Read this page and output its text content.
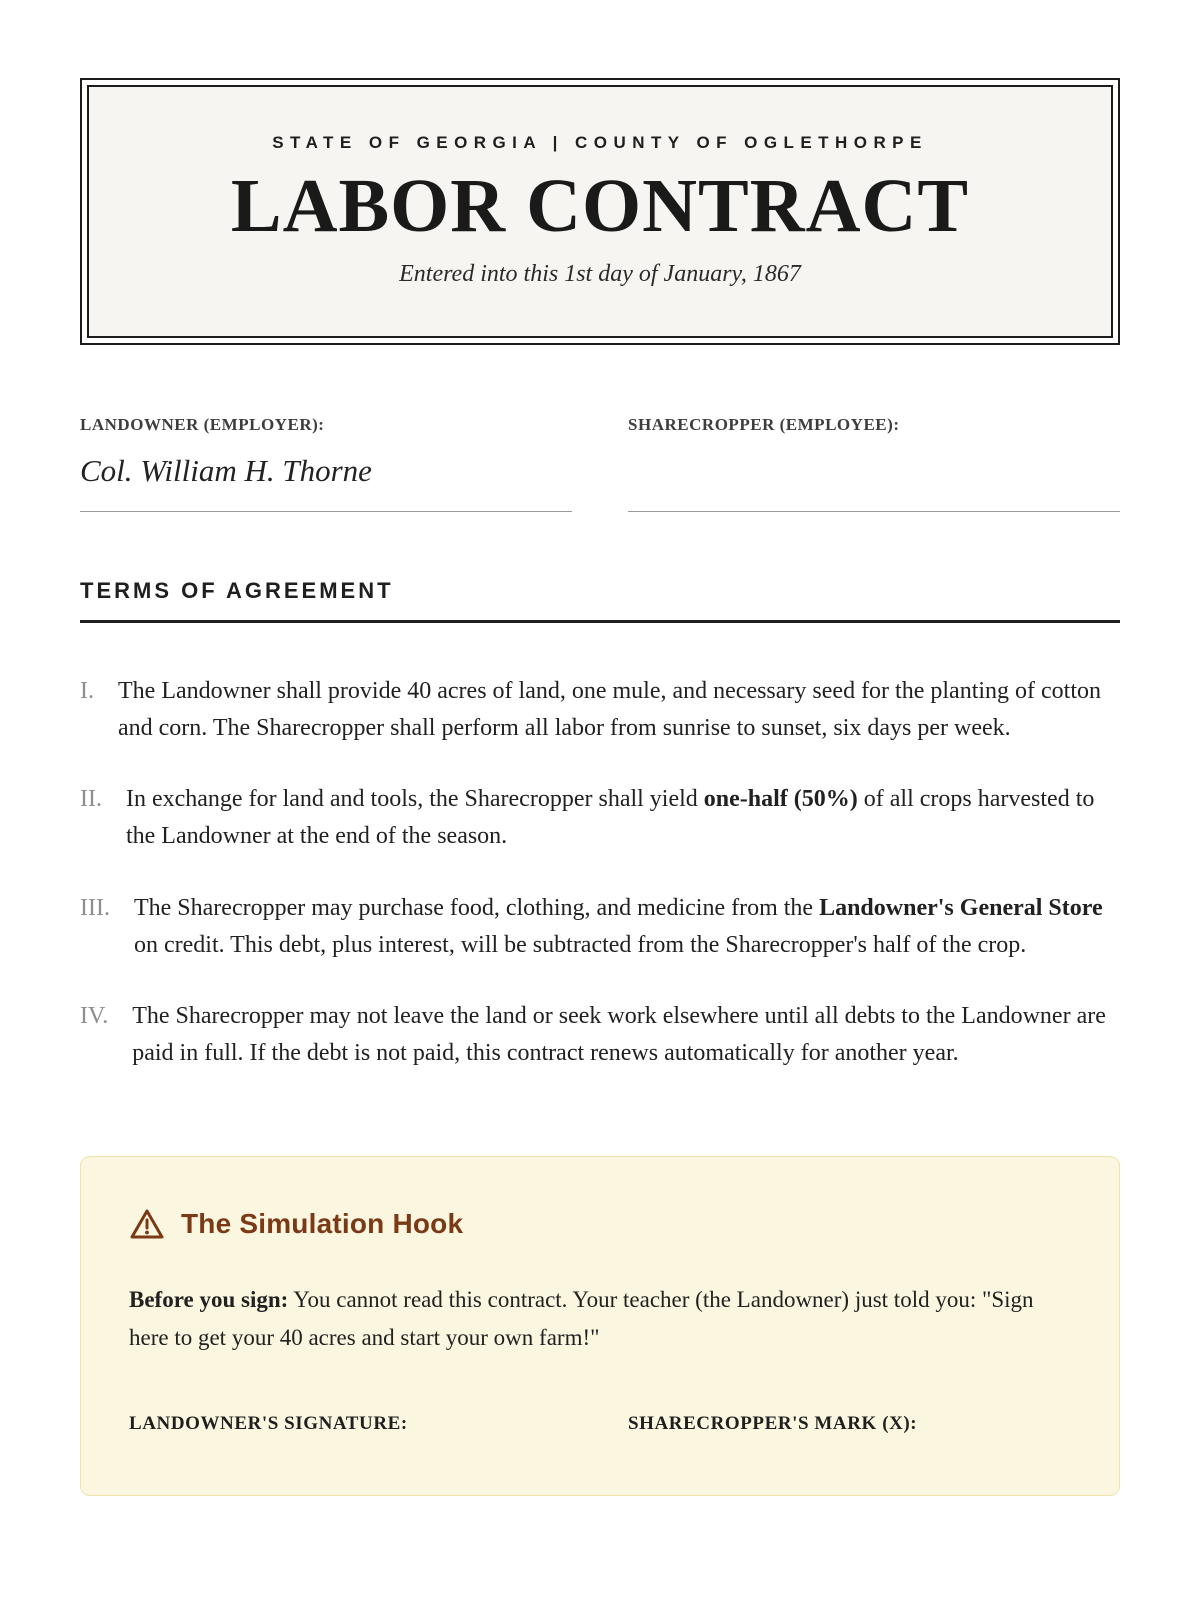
STATE OF GEORGIA | COUNTY OF OGLETHORPE
LABOR CONTRACT
Entered into this 1st day of January, 1867
LANDOWNER (EMPLOYER):
Col. William H. Thorne
SHARECROPPER (EMPLOYEE):
TERMS OF AGREEMENT
I. The Landowner shall provide 40 acres of land, one mule, and necessary seed for the planting of cotton and corn. The Sharecropper shall perform all labor from sunrise to sunset, six days per week.

II. In exchange for land and tools, the Sharecropper shall yield one-half (50%) of all crops harvested to the Landowner at the end of the season.

III. The Sharecropper may purchase food, clothing, and medicine from the Landowner's General Store on credit. This debt, plus interest, will be subtracted from the Sharecropper's half of the crop.

IV. The Sharecropper may not leave the land or seek work elsewhere until all debts to the Landowner are paid in full. If the debt is not paid, this contract renews automatically for another year.

The Simulation Hook
Before you sign: You cannot read this contract. Your teacher (the Landowner) just told you: "Sign here to get your 40 acres and start your own farm!"
LANDOWNER'S SIGNATURE:	SHARECROPPER'S MARK (X):
